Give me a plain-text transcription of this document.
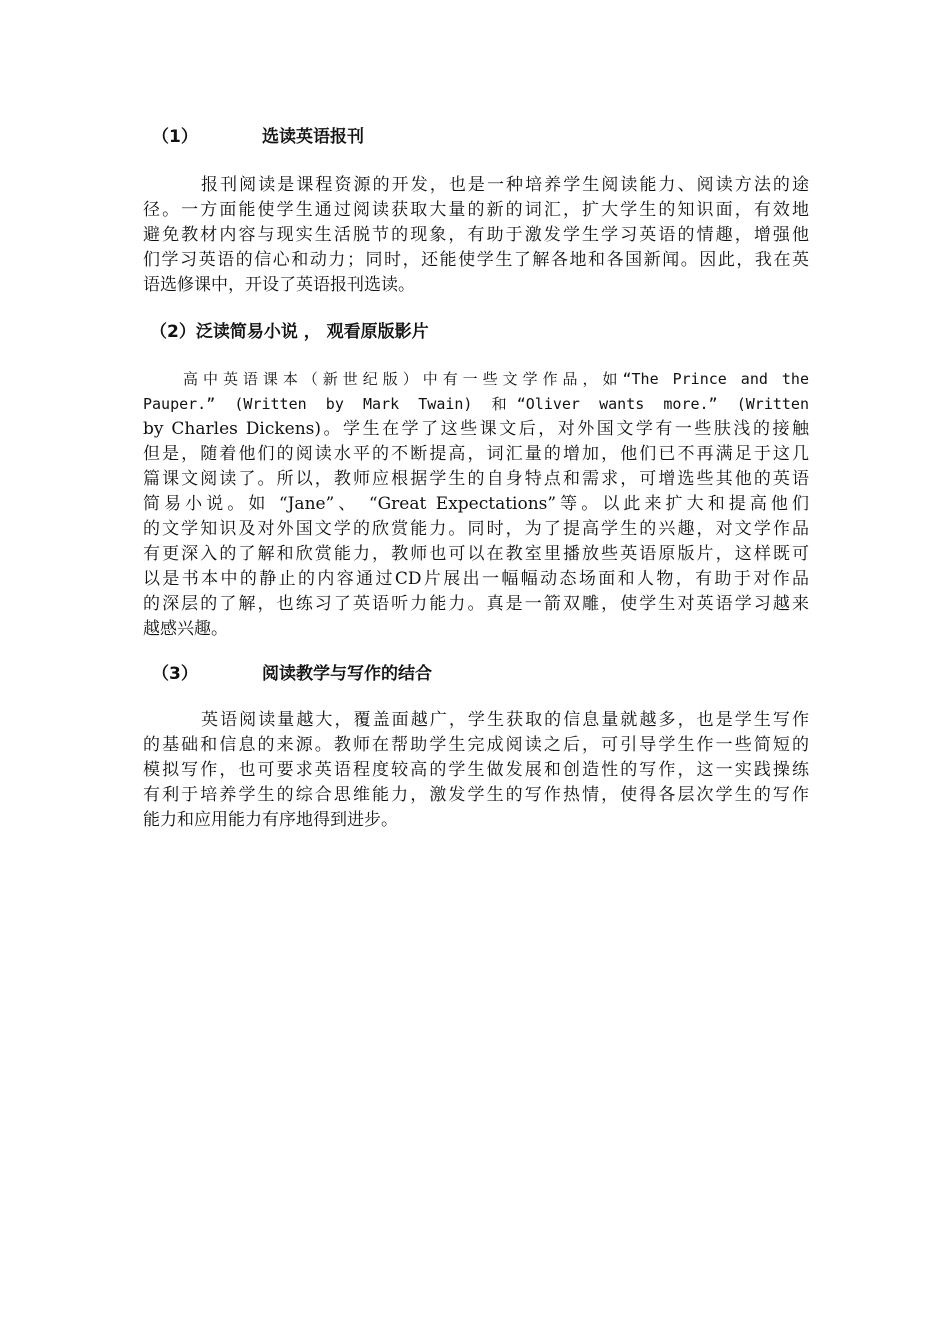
（1）	选读英语报刊
报刊阅读是课程资源的开发，也是一种培养学生阅读能力、阅读方法的途
径。一方面能使学生通过阅读获取大量的新的词汇，扩大学生的知识面，有效地
避免教材内容与现实生活脱节的现象，有助于激发学生学习英语的情趣，增强他
们学习英语的信心和动力；同时，还能使学生了解各地和各国新闻。因此，我在英
语选修课中，开设了英语报刊选读。
（2）泛读简易小说 ， 观看原版影片
高中英语课本（新世纪版）中有一些文学作品，如“The Prince and the
Pauper.” (Written by Mark Twain) 和“Oliver wants more.” (Written
by Charles Dickens)。学生在学了这些课文后，对外国文学有一些肤浅的接触
但是，随着他们的阅读水平的不断提高，词汇量的增加，他们已不再满足于这几
篇课文阅读了。所以，教师应根据学生的自身特点和需求，可增选些其他的英语
简易小说。如 “Jane”、 “Great Expectations”等。以此来扩大和提高他们
的文学知识及对外国文学的欣赏能力。同时，为了提高学生的兴趣，对文学作品
有更深入的了解和欣赏能力，教师也可以在教室里播放些英语原版片，这样既可
以是书本中的静止的内容通过CD片展出一幅幅动态场面和人物，有助于对作品
的深层的了解，也练习了英语听力能力。真是一箭双雕，使学生对英语学习越来
越感兴趣。
（3）	阅读教学与写作的结合
英语阅读量越大，覆盖面越广，学生获取的信息量就越多，也是学生写作
的基础和信息的来源。教师在帮助学生完成阅读之后，可引导学生作一些简短的
模拟写作，也可要求英语程度较高的学生做发展和创造性的写作，这一实践操练
有利于培养学生的综合思维能力，激发学生的写作热情，使得各层次学生的写作
能力和应用能力有序地得到进步。
